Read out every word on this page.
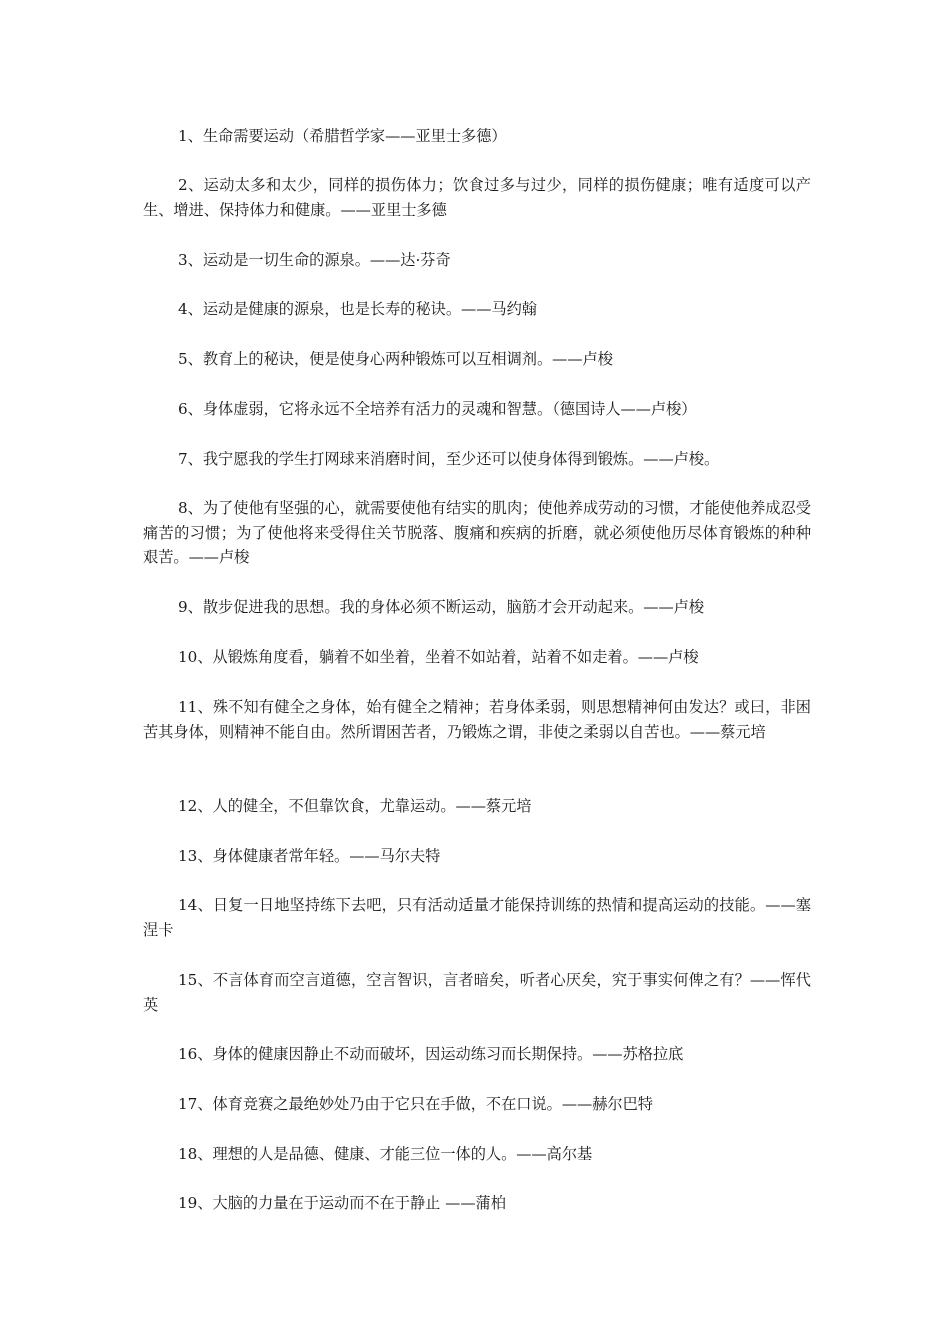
1、生命需要运动（希腊哲学家——亚里士多德）

2、运动太多和太少，同样的损伤体力；饮食过多与过少，同样的损伤健康；唯有适度可以产生、增进、保持体力和健康。——亚里士多德

3、运动是一切生命的源泉。——达·芬奇

4、运动是健康的源泉，也是长寿的秘诀。——马约翰

5、教育上的秘诀，便是使身心两种锻炼可以互相调剂。——卢梭

6、身体虚弱，它将永远不全培养有活力的灵魂和智慧。（德国诗人——卢梭）

7、我宁愿我的学生打网球来消磨时间，至少还可以使身体得到锻炼。——卢梭。

8、为了使他有坚强的心，就需要使他有结实的肌肉；使他养成劳动的习惯，才能使他养成忍受痛苦的习惯；为了使他将来受得住关节脱落、腹痛和疾病的折磨，就必须使他历尽体育锻炼的种种艰苦。——卢梭

9、散步促进我的思想。我的身体必须不断运动，脑筋才会开动起来。——卢梭

10、从锻炼角度看，躺着不如坐着，坐着不如站着，站着不如走着。——卢梭

11、殊不知有健全之身体，始有健全之精神；若身体柔弱，则思想精神何由发达？或曰，非困苦其身体，则精神不能自由。然所谓困苦者，乃锻炼之谓，非使之柔弱以自苦也。——蔡元培

12、人的健全，不但靠饮食，尤靠运动。——蔡元培

13、身体健康者常年轻。——马尔夫特

14、日复一日地坚持练下去吧，只有活动适量才能保持训练的热情和提高运动的技能。——塞涅卡

15、不言体育而空言道德，空言智识，言者暗矣，听者心厌矣，究于事实何俾之有？——恽代英

16、身体的健康因静止不动而破坏，因运动练习而长期保持。——苏格拉底

17、体育竞赛之最绝妙处乃由于它只在手做，不在口说。——赫尔巴特

18、理想的人是品德、健康、才能三位一体的人。——高尔基

19、大脑的力量在于运动而不在于静止 ——蒲柏
